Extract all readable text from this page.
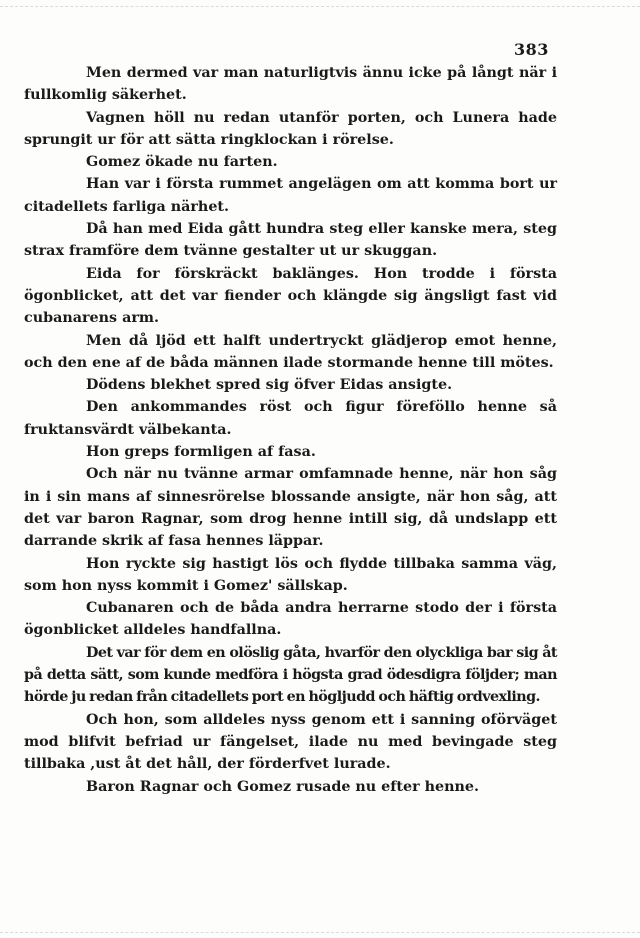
383

Men dermed var man naturligtvis ännu icke på långt när i fullkomlig säkerhet.

Vagnen höll nu redan utanför porten, och Lunera hade sprungit ur för att sätta ringklockan i rörelse.

Gomez ökade nu farten.

Han var i första rummet angelägen om att komma bort ur citadellets farliga närhet.

Då han med Eida gått hundra steg eller kanske mera, steg strax framföre dem tvänne gestalter ut ur skuggan.

Eida for förskräckt baklänges. Hon trodde i första ögonblicket, att det var fiender och klängde sig ängsligt fast vid cubanarens arm.

Men då ljöd ett halft undertryckt glädjerop emot henne, och den ene af de båda männen ilade stormande henne till mötes.

Dödens blekhet spred sig öfver Eidas ansigte.

Den ankommandes röst och figur föreföllo henne så fruktansvärdt välbekanta.

Hon greps formligen af fasa.

Och när nu tvänne armar omfamnade henne, när hon såg in i sin mans af sinnesrörelse blossande ansigte, när hon såg, att det var baron Ragnar, som drog henne intill sig, då undslapp ett darrande skrik af fasa hennes läppar.

Hon ryckte sig hastigt lös och flydde tillbaka samma väg, som hon nyss kommit i Gomez' sällskap.

Cubanaren och de båda andra herrarne stodo der i första ögonblicket alldeles handfallna.

Det var för dem en olöslig gåta, hvarför den olyckliga bar sig åt på detta sätt, som kunde medföra i högsta grad ödesdigra följder; man hörde ju redan från citadellets port en högljudd och häftig ordvexling.

Och hon, som alldeles nyss genom ett i sanning oförväget mod blifvit befriad ur fängelset, ilade nu med bevingade steg tillbaka ,ust åt det håll, der förderfvet lurade.

Baron Ragnar och Gomez rusade nu efter henne.
